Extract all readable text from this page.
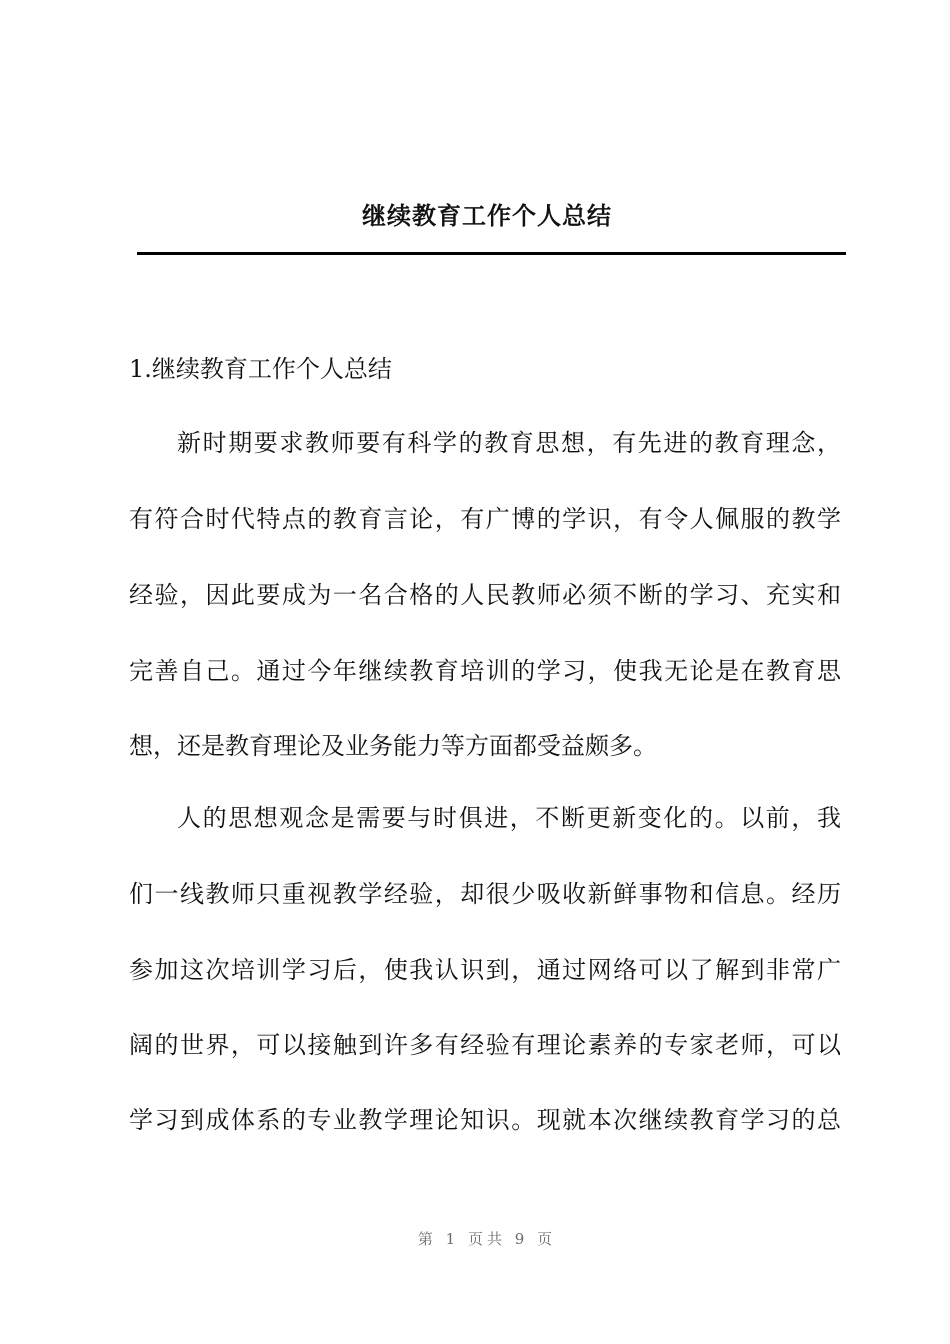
继续教育工作个人总结

1.继续教育工作个人总结

新时期要求教师要有科学的教育思想，有先进的教育理念，

有符合时代特点的教育言论，有广博的学识，有令人佩服的教学

经验，因此要成为一名合格的人民教师必须不断的学习、充实和

完善自己。通过今年继续教育培训的学习，使我无论是在教育思

想，还是教育理论及业务能力等方面都受益颇多。

人的思想观念是需要与时俱进，不断更新变化的。以前，我

们一线教师只重视教学经验，却很少吸收新鲜事物和信息。经历

参加这次培训学习后，使我认识到，通过网络可以了解到非常广

阔的世界，可以接触到许多有经验有理论素养的专家老师，可以

学习到成体系的专业教学理论知识。现就本次继续教育学习的总

第 1 页共 9 页
